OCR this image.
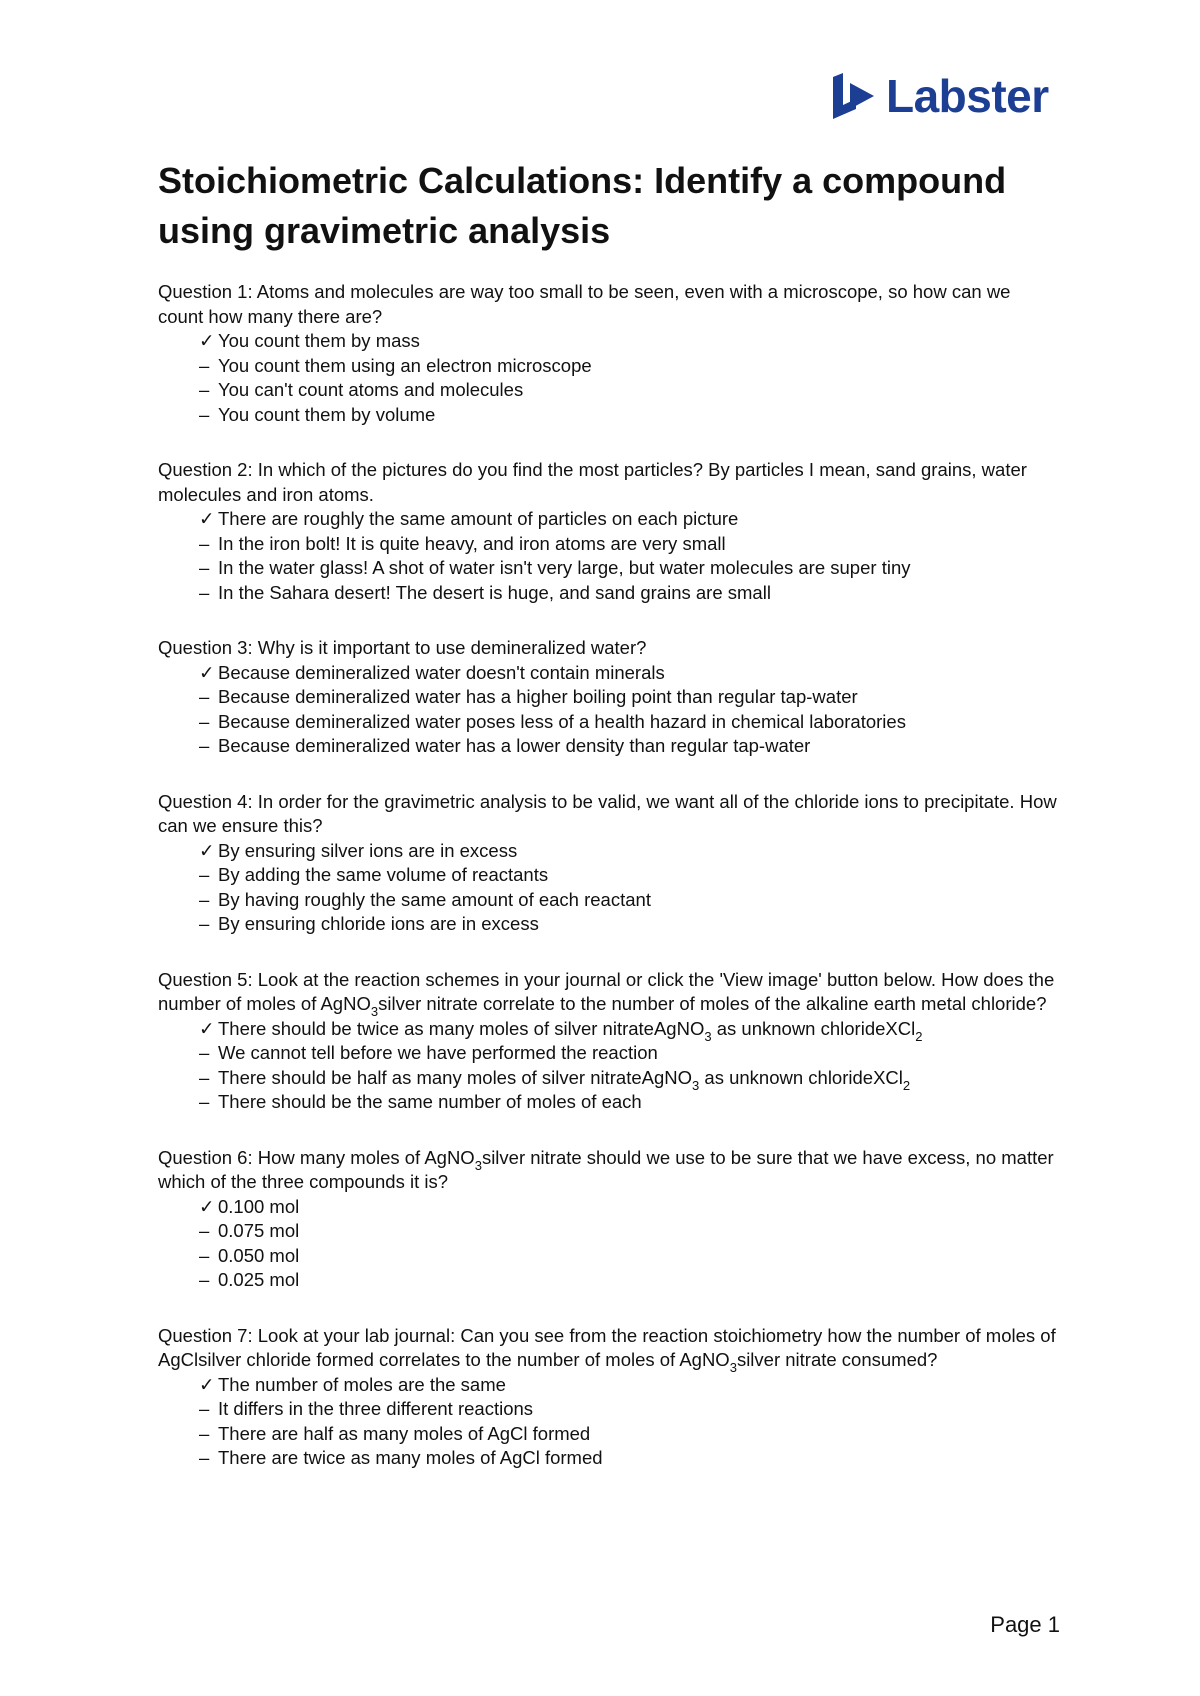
Labster
Stoichiometric Calculations: Identify a compound using gravimetric analysis

Question 1: Atoms and molecules are way too small to be seen, even with a microscope, so how can we count how many there are?

✓ You count them by mass
– You count them using an electron microscope
– You can't count atoms and molecules
– You count them by volume

Question 2: In which of the pictures do you find the most particles? By particles I mean, sand grains, water molecules and iron atoms.

✓ There are roughly the same amount of particles on each picture
– In the iron bolt! It is quite heavy, and iron atoms are very small
– In the water glass! A shot of water isn't very large, but water molecules are super tiny
– In the Sahara desert! The desert is huge, and sand grains are small

Question 3: Why is it important to use demineralized water?

✓ Because demineralized water doesn't contain minerals
– Because demineralized water has a higher boiling point than regular tap-water
– Because demineralized water poses less of a health hazard in chemical laboratories
– Because demineralized water has a lower density than regular tap-water

Question 4: In order for the gravimetric analysis to be valid, we want all of the chloride ions to precipitate. How can we ensure this?

✓ By ensuring silver ions are in excess
– By adding the same volume of reactants
– By having roughly the same amount of each reactant
– By ensuring chloride ions are in excess

Question 5: Look at the reaction schemes in your journal or click the 'View image' button below. How does the number of moles of AgNO$_3$silver nitrate correlate to the number of moles of the alkaline earth metal chloride?

✓ There should be twice as many moles of silver nitrateAgNO$_3$ as unknown chlorideXCl$_2$
– We cannot tell before we have performed the reaction
– There should be half as many moles of silver nitrateAgNO$_3$ as unknown chlorideXCl$_2$
– There should be the same number of moles of each

Question 6: How many moles of AgNO$_3$silver nitrate should we use to be sure that we have excess, no matter which of the three compounds it is?

✓ 0.100 mol
– 0.075 mol
– 0.050 mol
– 0.025 mol

Question 7: Look at your lab journal: Can you see from the reaction stoichiometry how the number of moles of AgClsilver chloride formed correlates to the number of moles of AgNO$_3$silver nitrate consumed?

✓ The number of moles are the same
– It differs in the three different reactions
– There are half as many moles of AgCl formed
– There are twice as many moles of AgCl formed
Page 1
